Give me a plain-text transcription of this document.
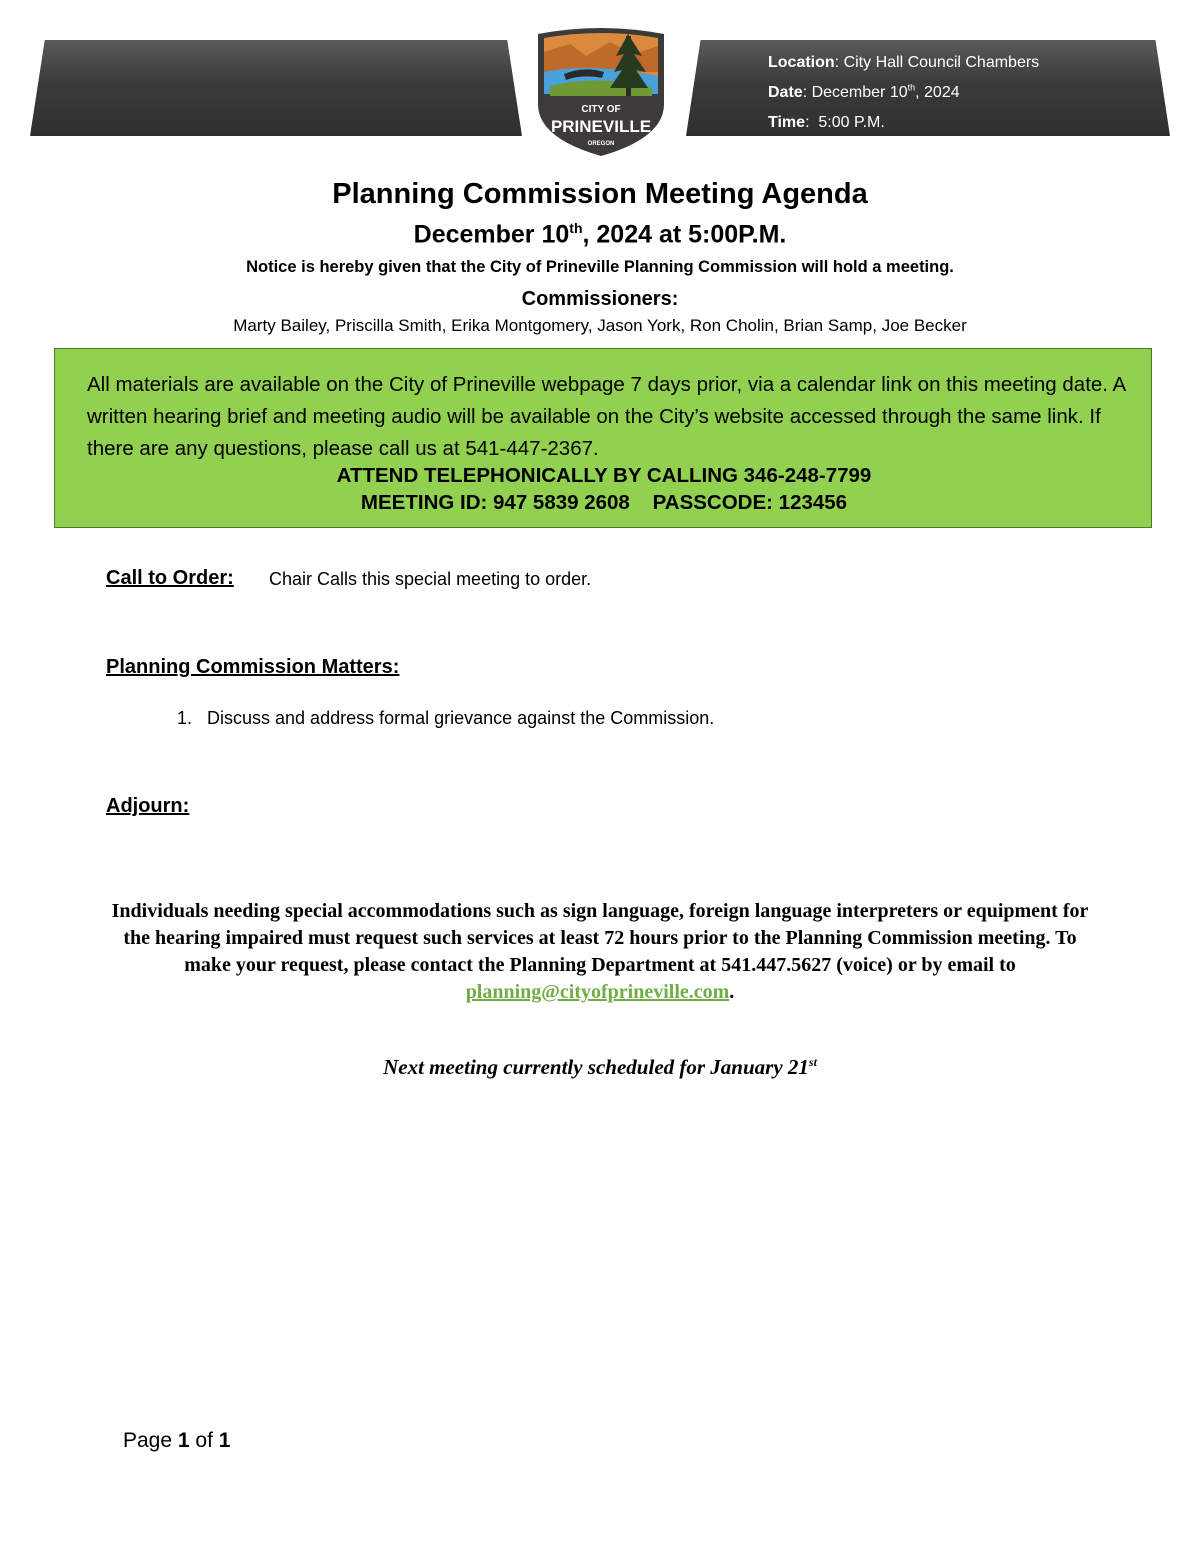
Location: City Hall Council Chambers
Date: December 10th, 2024
Time:  5:00 P.M.
CITY OF
PRINEVILLE
OREGON
Planning Commission Meeting Agenda
December 10th, 2024 at 5:00P.M.
Notice is hereby given that the City of Prineville Planning Commission will hold a meeting.
Commissioners:
Marty Bailey, Priscilla Smith, Erika Montgomery, Jason York, Ron Cholin, Brian Samp, Joe Becker
All materials are available on the City of Prineville webpage 7 days prior, via a calendar link on this meeting date. A written hearing brief and meeting audio will be available on the City’s website accessed through the same link. If there are any questions, please call us at 541-447-2367.
ATTEND TELEPHONICALLY BY CALLING 346-248-7799
MEETING ID: 947 5839 2608    PASSCODE: 123456
Call to Order: Chair Calls this special meeting to order.
Planning Commission Matters:
1.   Discuss and address formal grievance against the Commission.
Adjourn:
Individuals needing special accommodations such as sign language, foreign language interpreters or equipment for the hearing impaired must request such services at least 72 hours prior to the Planning Commission meeting. To make your request, please contact the Planning Department at 541.447.5627 (voice) or by email to planning@cityofprineville.com.
Next meeting currently scheduled for January 21st
Page 1 of 1
